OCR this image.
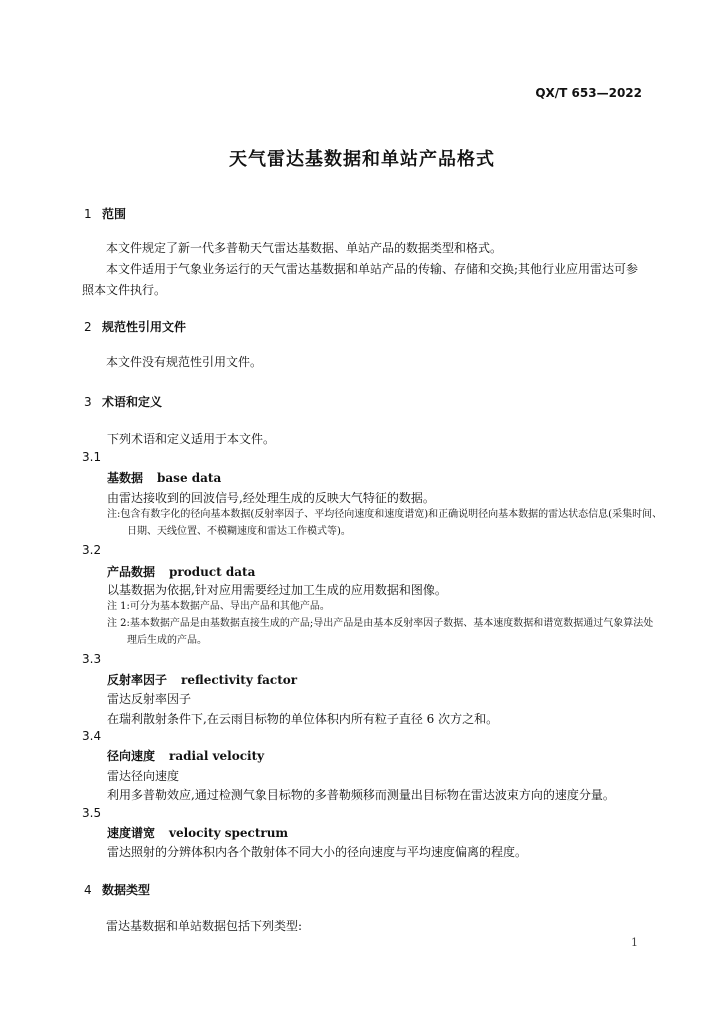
QX/T 653—2022
天气雷达基数据和单站产品格式
1 范围
本文件规定了新一代多普勒天气雷达基数据、单站产品的数据类型和格式。
本文件适用于气象业务运行的天气雷达基数据和单站产品的传输、存储和交换;其他行业应用雷达可参照本文件执行。
2 规范性引用文件
本文件没有规范性引用文件。
3 术语和定义
下列术语和定义适用于本文件。
3.1
基数据 base data
由雷达接收到的回波信号,经处理生成的反映大气特征的数据。
注:包含有数字化的径向基本数据(反射率因子、平均径向速度和速度谱宽)和正确说明径向基本数据的雷达状态信息(采集时间、日期、天线位置、不模糊速度和雷达工作模式等)。
3.2
产品数据 product data
以基数据为依据,针对应用需要经过加工生成的应用数据和图像。
注 1:可分为基本数据产品、导出产品和其他产品。
注 2:基本数据产品是由基数据直接生成的产品;导出产品是由基本反射率因子数据、基本速度数据和谱宽数据通过气象算法处理后生成的产品。
3.3
反射率因子 reflectivity factor
雷达反射率因子
在瑞利散射条件下,在云雨目标物的单位体积内所有粒子直径 6 次方之和。
3.4
径向速度 radial velocity
雷达径向速度
利用多普勒效应,通过检测气象目标物的多普勒频移而测量出目标物在雷达波束方向的速度分量。
3.5
速度谱宽 velocity spectrum
雷达照射的分辨体积内各个散射体不同大小的径向速度与平均速度偏离的程度。
4 数据类型
雷达基数据和单站数据包括下列类型:
1
